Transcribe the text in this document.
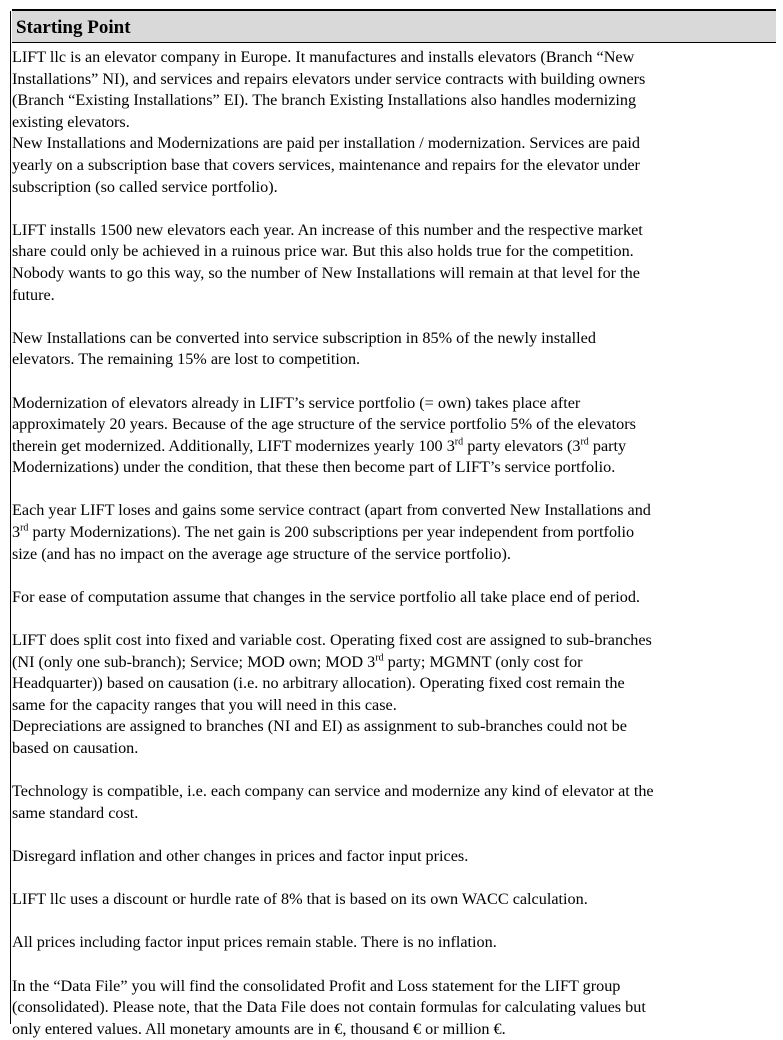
Starting Point
LIFT llc is an elevator company in Europe. It manufactures and installs elevators (Branch “New
Installations” NI), and services and repairs elevators under service contracts with building owners
(Branch “Existing Installations” EI). The branch Existing Installations also handles modernizing
existing elevators.
New Installations and Modernizations are paid per installation / modernization. Services are paid
yearly on a subscription base that covers services, maintenance and repairs for the elevator under
subscription (so called service portfolio).
LIFT installs 1500 new elevators each year. An increase of this number and the respective market
share could only be achieved in a ruinous price war. But this also holds true for the competition.
Nobody wants to go this way, so the number of New Installations will remain at that level for the
future.
New Installations can be converted into service subscription in 85% of the newly installed
elevators. The remaining 15% are lost to competition.
Modernization of elevators already in LIFT’s service portfolio (= own) takes place after
approximately 20 years. Because of the age structure of the service portfolio 5% of the elevators
therein get modernized. Additionally, LIFT modernizes yearly 100 3rd party elevators (3rd party
Modernizations) under the condition, that these then become part of LIFT’s service portfolio.
Each year LIFT loses and gains some service contract (apart from converted New Installations and
3rd party Modernizations). The net gain is 200 subscriptions per year independent from portfolio
size (and has no impact on the average age structure of the service portfolio).
For ease of computation assume that changes in the service portfolio all take place end of period.
LIFT does split cost into fixed and variable cost. Operating fixed cost are assigned to sub-branches
(NI (only one sub-branch); Service; MOD own; MOD 3rd party; MGMNT (only cost for
Headquarter)) based on causation (i.e. no arbitrary allocation). Operating fixed cost remain the
same for the capacity ranges that you will need in this case.
Depreciations are assigned to branches (NI and EI) as assignment to sub-branches could not be
based on causation.
Technology is compatible, i.e. each company can service and modernize any kind of elevator at the
same standard cost.
Disregard inflation and other changes in prices and factor input prices.
LIFT llc uses a discount or hurdle rate of 8% that is based on its own WACC calculation.
All prices including factor input prices remain stable. There is no inflation.
In the “Data File” you will find the consolidated Profit and Loss statement for the LIFT group
(consolidated). Please note, that the Data File does not contain formulas for calculating values but
only entered values. All monetary amounts are in €, thousand € or million €.
